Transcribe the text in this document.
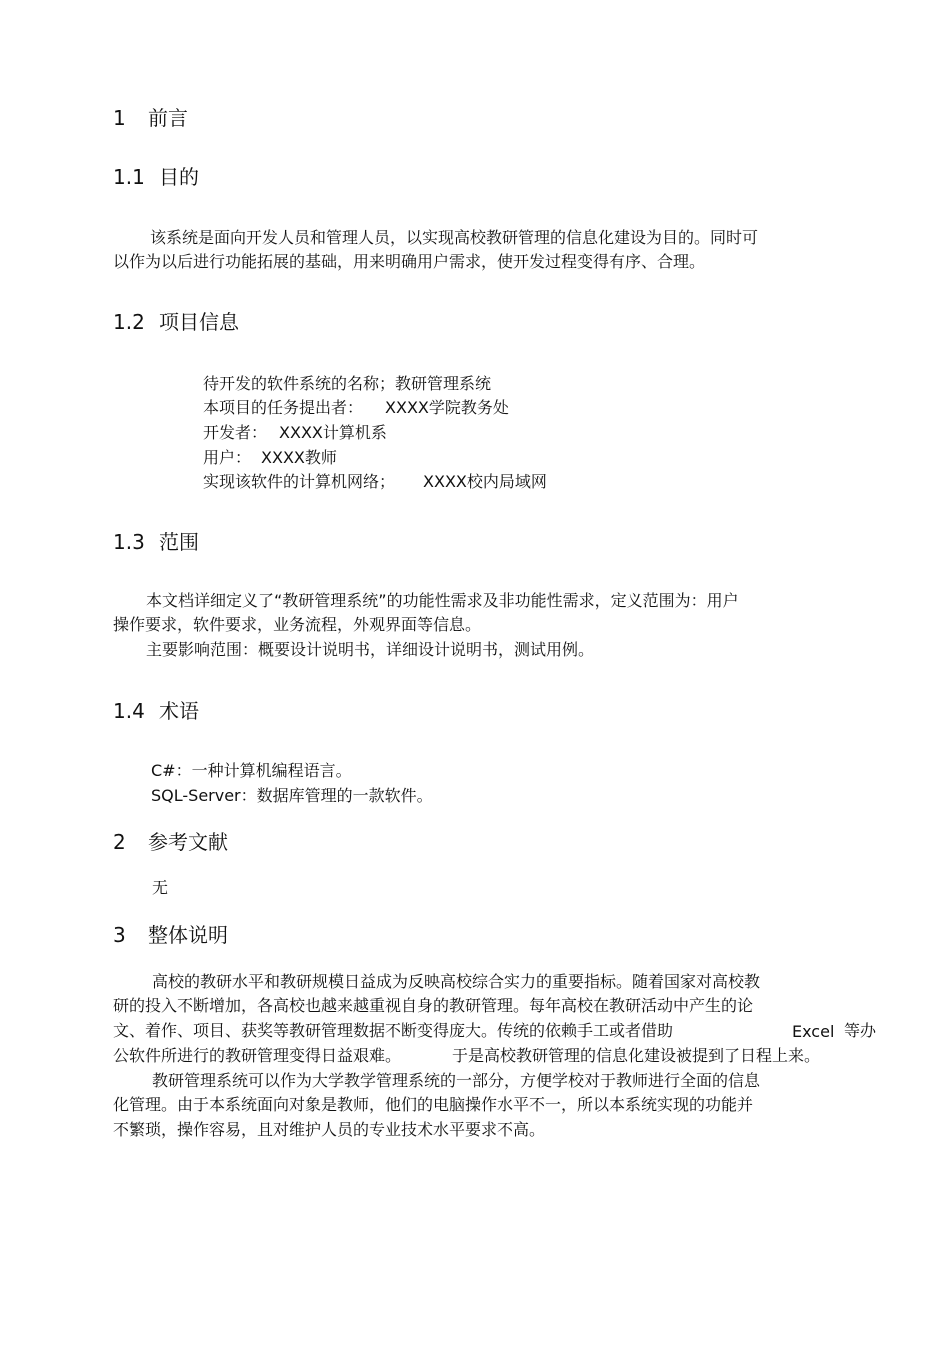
1 前言
1.1 目的
该系统是面向开发人员和管理人员，以实现高校教研管理的信息化建设为目的。同时可
以作为以后进行功能拓展的基础，用来明确用户需求，使开发过程变得有序、合理。
1.2 项目信息
待开发的软件系统的名称；教研管理系统
本项目的任务提出者： XXXX学院教务处
开发者： XXXX计算机系
用户： XXXX教师
实现该软件的计算机网络； XXXX校内局域网
1.3 范围
本文档详细定义了“教研管理系统”的功能性需求及非功能性需求，定义范围为：用户
操作要求，软件要求，业务流程，外观界面等信息。
主要影响范围：概要设计说明书，详细设计说明书，测试用例。
1.4 术语
C#：一种计算机编程语言。
SQL-Server：数据库管理的一款软件。
2 参考文献
无
3 整体说明
高校的教研水平和教研规模日益成为反映高校综合实力的重要指标。随着国家对高校教
研的投入不断增加，各高校也越来越重视自身的教研管理。每年高校在教研活动中产生的论
文、着作、项目、获奖等教研管理数据不断变得庞大。传统的依赖手工或者借助	Excel 等办
公软件所进行的教研管理变得日益艰难。	于是高校教研管理的信息化建设被提到了日程上来。
教研管理系统可以作为大学教学管理系统的一部分，方便学校对于教师进行全面的信息
化管理。由于本系统面向对象是教师，他们的电脑操作水平不一，所以本系统实现的功能并
不繁琐，操作容易，且对维护人员的专业技术水平要求不高。
